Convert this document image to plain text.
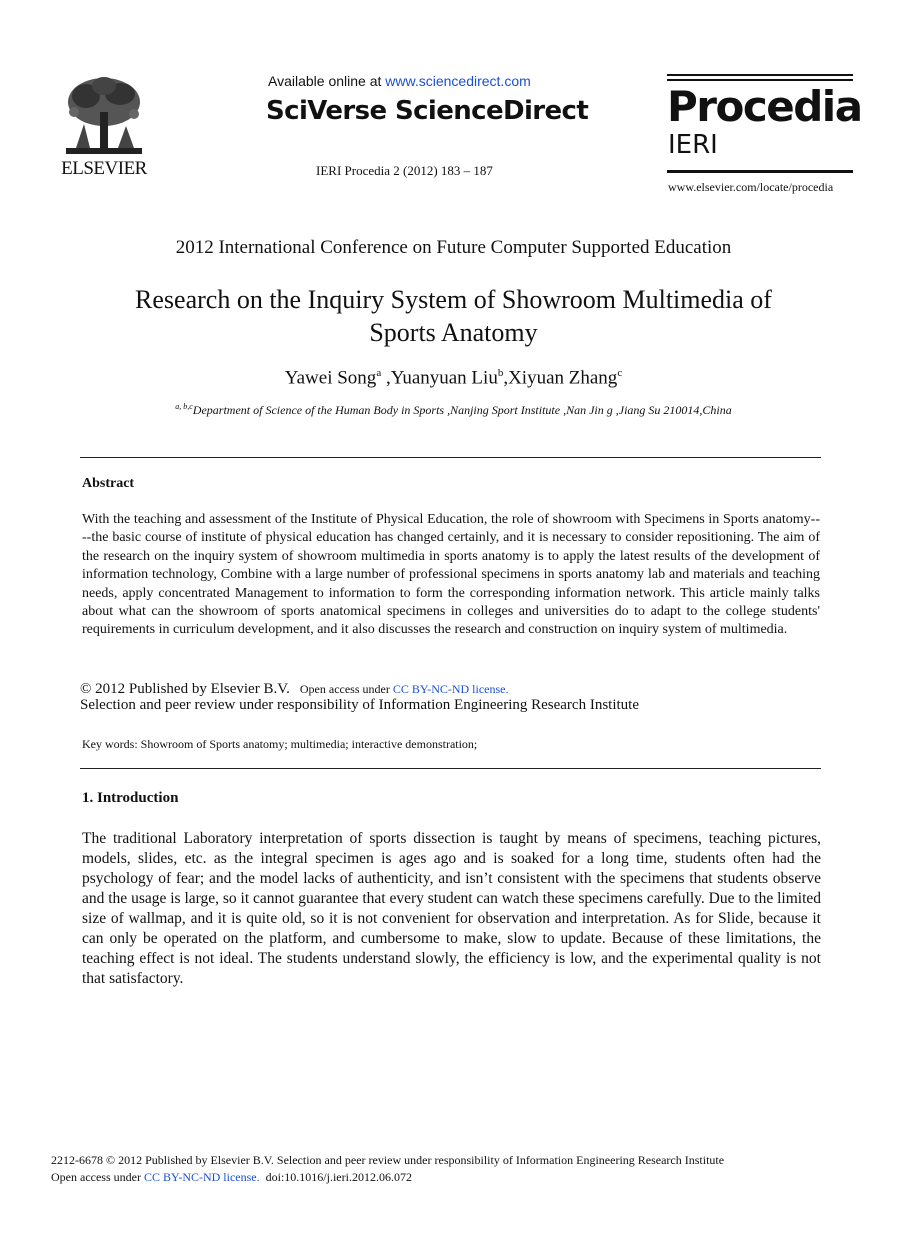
ELSEVIER
Available online at www.sciencedirect.com
SciVerse ScienceDirect
IERI Procedia 2 (2012) 183 – 187
Procedia
IERI
www.elsevier.com/locate/procedia
2012 International Conference on Future Computer Supported Education
Research on the Inquiry System of Showroom Multimedia of
Sports Anatomy
Yawei Song$^a$ ,Yuanyuan Liu$^b$,Xiyuan Zhang$^c$
$^{a, b,c}$Department of Science of the Human Body in Sports ,Nanjing Sport Institute ,Nan Jin g ,Jiang Su 210014,China
Abstract
With the teaching and assessment of the Institute of Physical Education, the role of showroom with Specimens in Sports anatomy----the basic course of institute of physical education has changed certainly, and it is necessary to consider repositioning. The aim of the research on the inquiry system of showroom multimedia in sports anatomy is to apply the latest results of the development of information technology, Combine with a large number of professional specimens in sports anatomy lab and materials and teaching needs, apply concentrated Management to information to form the corresponding information network. This article mainly talks about what can the showroom of sports anatomical specimens in colleges and universities do to adapt to the college students' requirements in curriculum development, and it also discusses the research and construction on inquiry system of multimedia.
© 2012 Published by Elsevier B.V. Open access under CC BY-NC-ND license.
Selection and peer review under responsibility of Information Engineering Research Institute
Key words: Showroom of Sports anatomy; multimedia; interactive demonstration;
1. Introduction
The traditional Laboratory interpretation of sports dissection is taught by means of specimens, teaching pictures, models, slides, etc. as the integral specimen is ages ago and is soaked for a long time, students often had the psychology of fear; and the model lacks of authenticity, and isn’t consistent with the specimens that students observe and the usage is large, so it cannot guarantee that every student can watch these specimens carefully. Due to the limited size of wallmap, and it is quite old, so it is not convenient for observation and interpretation. As for Slide, because it can only be operated on the platform, and cumbersome to make, slow to update. Because of these limitations, the teaching effect is not ideal. The students understand slowly, the efficiency is low, and the experimental quality is not that satisfactory.
2212-6678 © 2012 Published by Elsevier B.V. Selection and peer review under responsibility of Information Engineering Research Institute
Open access under CC BY-NC-ND license. doi:10.1016/j.ieri.2012.06.072
